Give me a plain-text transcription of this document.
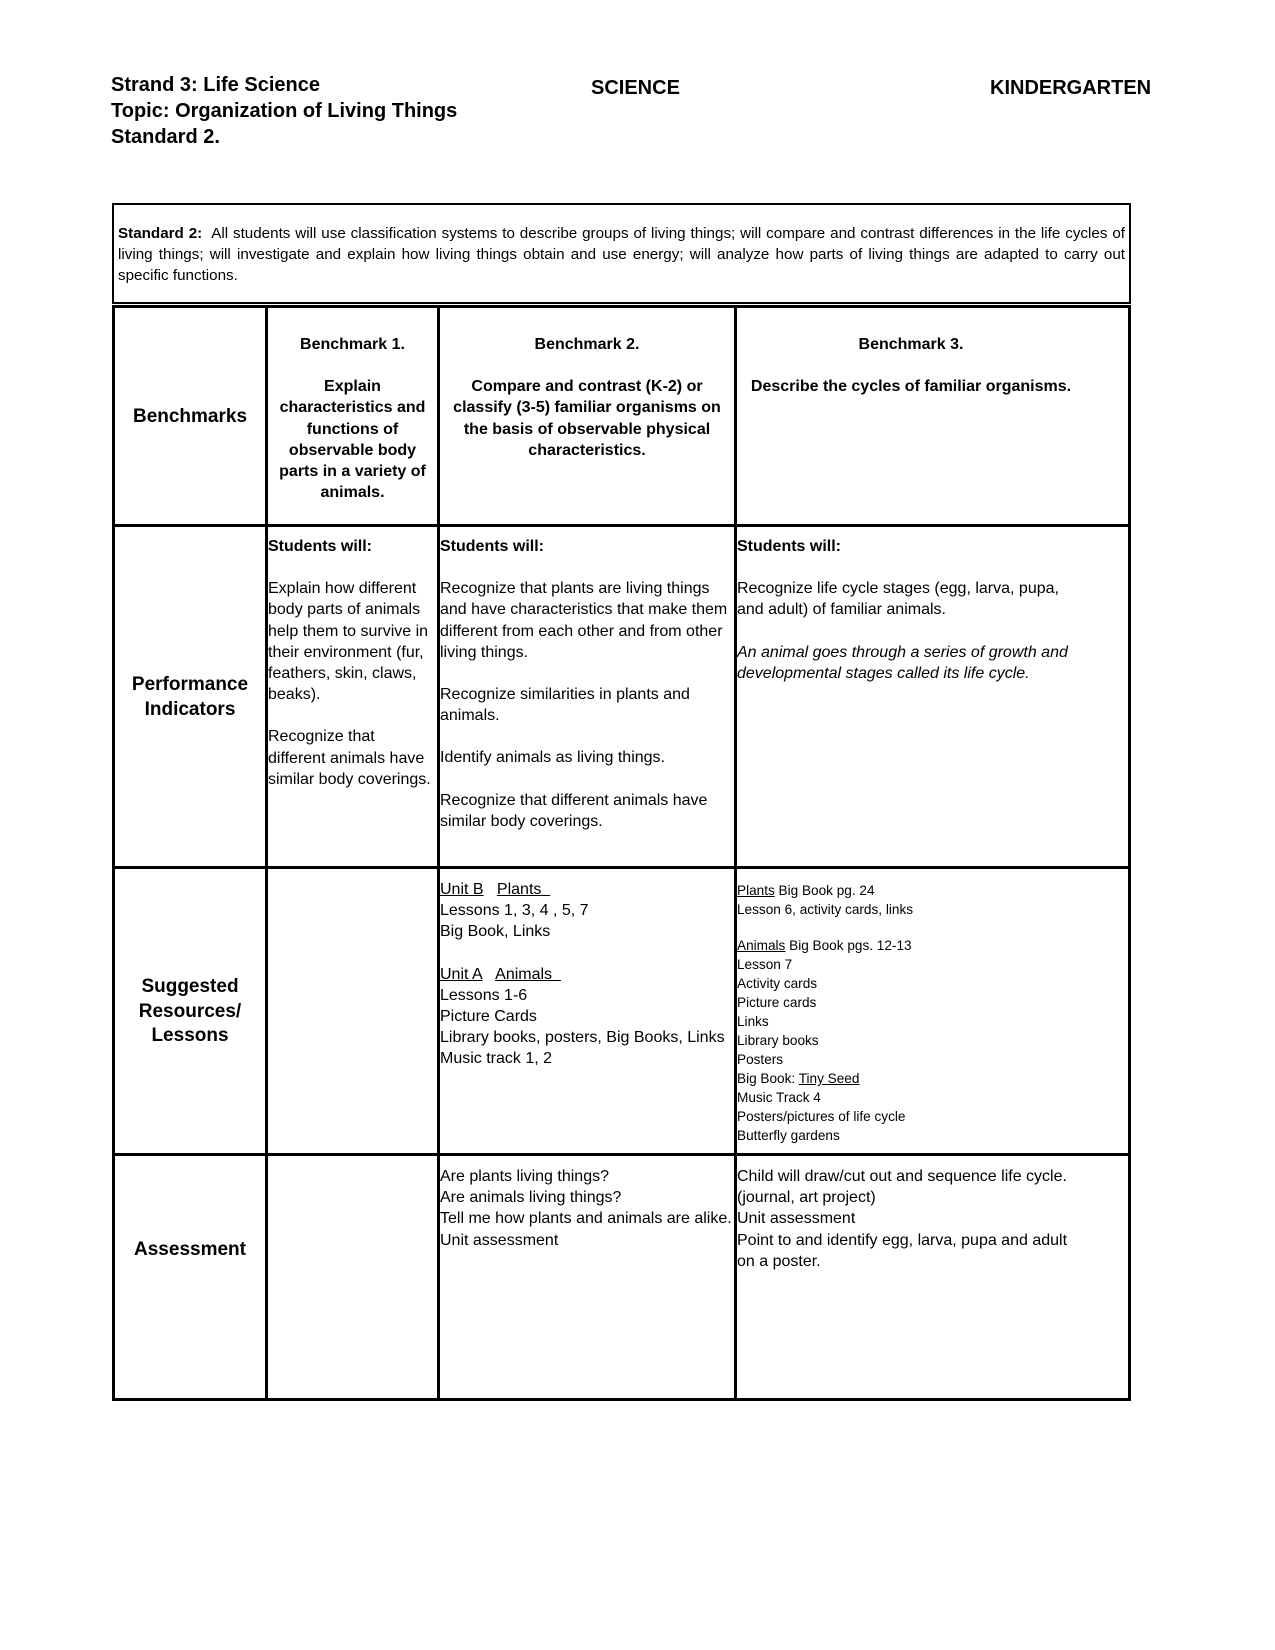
Strand 3: Life Science
Topic: Organization of Living Things
Standard 2.
SCIENCE	KINDERGARTEN
Standard 2: All students will use classification systems to describe groups of living things; will compare and contrast differences in the life cycles of living things; will investigate and explain how living things obtain and use energy; will analyze how parts of living things are adapted to carry out specific functions.
Benchmarks
Performance Indicators
Suggested Resources/ Lessons
Assessment

Benchmark 1.

Explain characteristics and functions of observable body parts in a variety of animals.

Benchmark 2.

Compare and contrast (K-2) or classify (3-5) familiar organisms on the basis of observable physical characteristics.

Benchmark 3.

Describe the cycles of familiar organisms.

Students will:

Explain how different body parts of animals help them to survive in their environment (fur, feathers, skin, claws, beaks).

Recognize that different animals have similar body coverings.

Students will:

Recognize that plants are living things and have characteristics that make them different from each other and from other living things.

Recognize similarities in plants and animals.

Identify animals as living things.

Recognize that different animals have similar body coverings.

Students will:

Recognize life cycle stages (egg, larva, pupa, and adult) of familiar animals.

An animal goes through a series of growth and developmental stages called its life cycle.

Unit B Plants

Lessons 1, 3, 4 , 5, 7
Big Book, Links

Unit A Animals

Lessons 1-6
Picture Cards
Library books, posters, Big Books, Links
Music track 1, 2

Plants Big Book pg. 24

Lesson 6, activity cards, links

Animals Big Book pgs. 12-13

Lesson 7
Activity cards
Picture cards
Links
Library books
Posters

Big Book: Tiny Seed

Music Track 4
Posters/pictures of life cycle
Butterfly gardens

Are plants living things?
Are animals living things?
Tell me how plants and animals are alike.
Unit assessment

Child will draw/cut out and sequence life cycle.
(journal, art project)
Unit assessment
Point to and identify egg, larva, pupa and adult on a poster.
